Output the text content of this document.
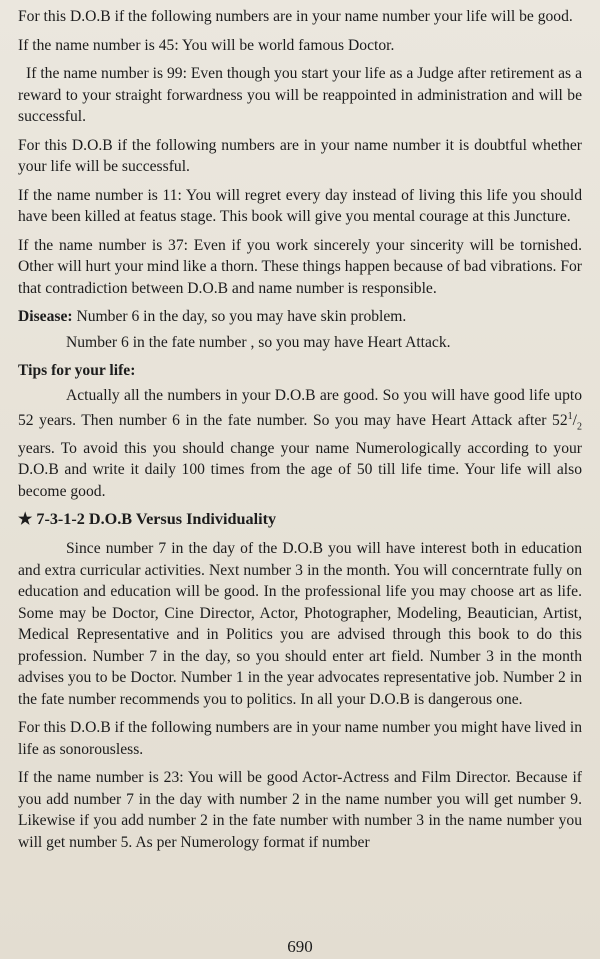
For this D.O.B if the following numbers are in your name number your life will be good.

If the name number is 45: You will be world famous Doctor.

If the name number is 99: Even though you start your life as a Judge after retirement as a reward to your straight forwardness you will be reappointed in administration and will be successful.

For this D.O.B if the following numbers are in your name number it is doubtful whether your life will be successful.

If the name number is 11: You will regret every day instead of living this life you should have been killed at featus stage. This book will give you mental courage at this Juncture.

If the name number is 37: Even if you work sincerely your sincerity will be tornished. Other will hurt your mind like a thorn. These things happen because of bad vibrations. For that contradiction between D.O.B and name number is responsible.

Disease: Number 6 in the day, so you may have skin problem.

Number 6 in the fate number , so you may have Heart Attack.

Tips for your life:

Actually all the numbers in your D.O.B are good. So you will have good life upto 52 years. Then number 6 in the fate number. So you may have Heart Attack after $52^1/_2$ years. To avoid this you should change your name Numerologically according to your D.O.B and write it daily 100 times from the age of 50 till life time. Your life will also become good.

★ 7-3-1-2 D.O.B Versus Individuality

Since number 7 in the day of the D.O.B you will have interest both in education and extra curricular activities. Next number 3 in the month. You will concerntrate fully on education and education will be good. In the professional life you may choose art as life. Some may be Doctor, Cine Director, Actor, Photographer, Modeling, Beautician, Artist, Medical Representative and in Politics you are advised through this book to do this profession. Number 7 in the day, so you should enter art field. Number 3 in the month advises you to be Doctor. Number 1 in the year advocates representative job. Number 2 in the fate number recommends you to politics. In all your D.O.B is dangerous one.

For this D.O.B if the following numbers are in your name number you might have lived in life as sonorousless.

If the name number is 23: You will be good Actor-Actress and Film Director. Because if you add number 7 in the day with number 2 in the name number you will get number 9. Likewise if you add number 2 in the fate number with number 3 in the name number you will get number 5. As per Numerology format if number

690
